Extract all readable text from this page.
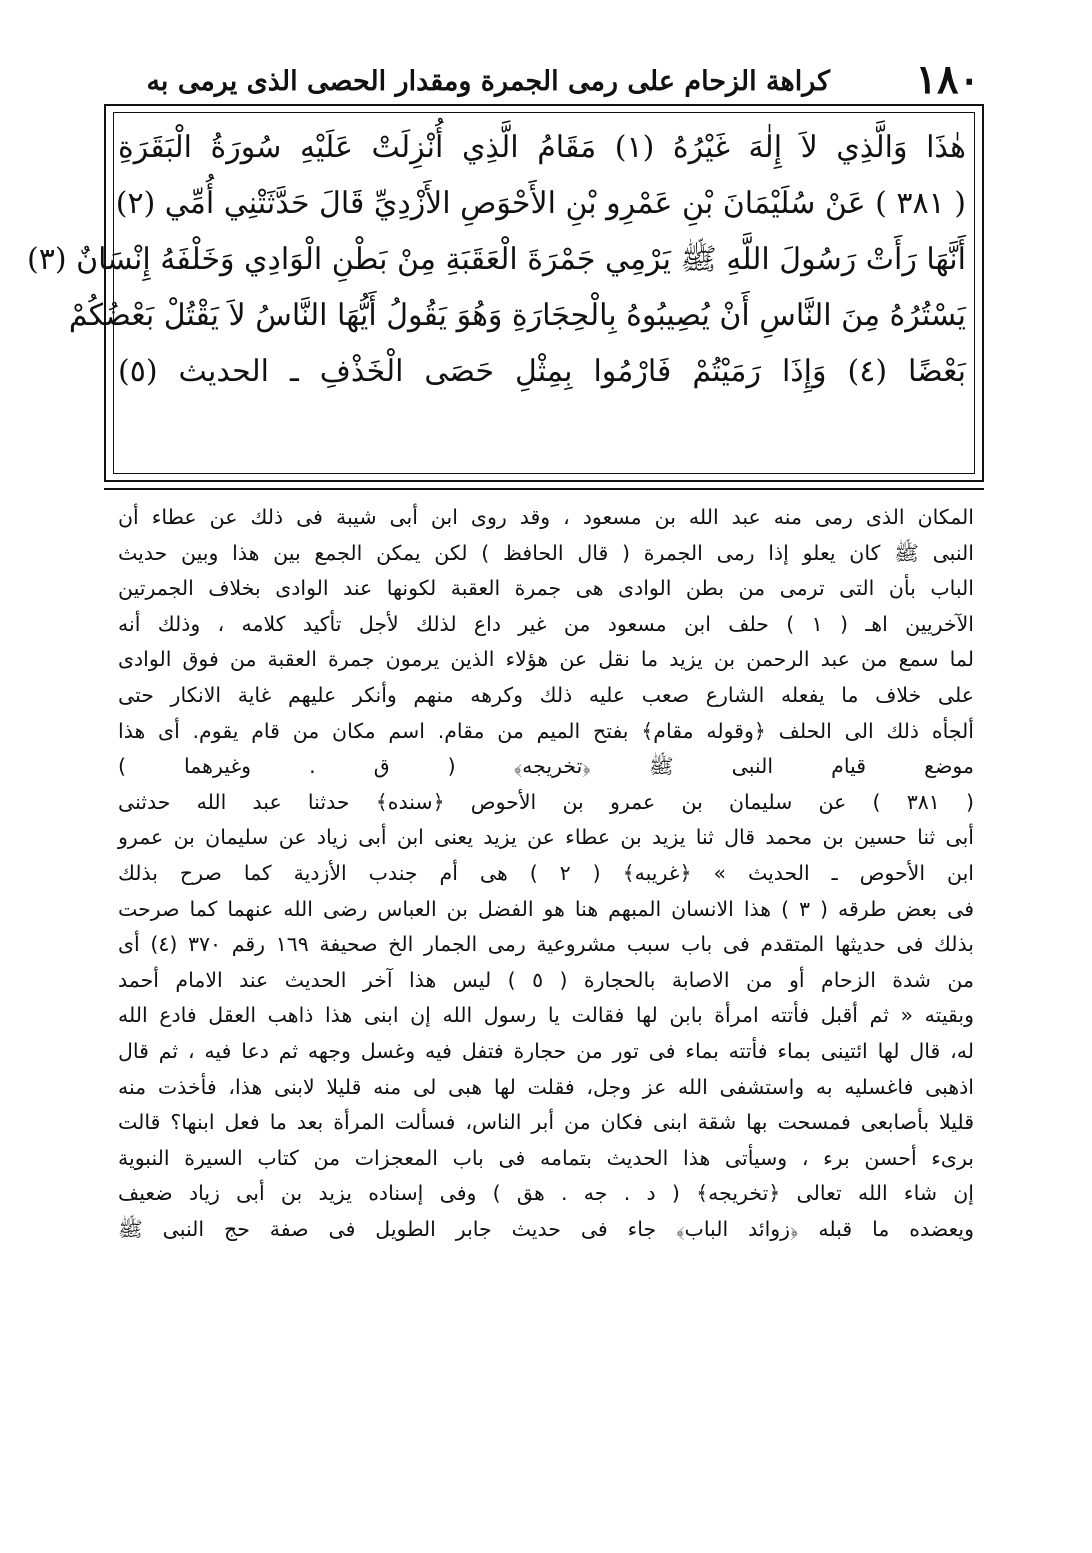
١٨٠
كراهة الزحام على رمى الجمرة ومقدار الحصى الذى يرمى به
هٰذَا وَالَّذِي لاَ إِلٰهَ غَيْرُهُ (١) مَقَامُ الَّذِي أُنْزِلَتْ عَلَيْهِ سُورَةُ الْبَقَرَةِ
( ٣٨١ ) عَنْ سُلَيْمَانَ بْنِ عَمْرِو بْنِ الأَحْوَصِ الأَزْدِيِّ قَالَ حَدَّثَتْنِي أُمِّي (٢)
أَنَّهَا رَأَتْ رَسُولَ اللَّهِ ﷺ يَرْمِي جَمْرَةَ الْعَقَبَةِ مِنْ بَطْنِ الْوَادِي وَخَلْفَهُ إِنْسَانٌ (٣)
يَسْتُرُهُ مِنَ النَّاسِ أَنْ يُصِيبُوهُ بِالْحِجَارَةِ وَهُوَ يَقُولُ أَيُّهَا النَّاسُ لاَ يَقْتُلْ بَعْضُكُمْ
بَعْضًا (٤) وَإِذَا رَمَيْتُمْ فَارْمُوا بِمِثْلِ حَصَى الْخَذْفِ ـ الحديث (٥)
المكان الذى رمى منه عبد الله بن مسعود ، وقد روى ابن أبى شيبة فى ذلك عن عطاء أن
النبى ﷺ كان يعلو إذا رمى الجمرة ( قال الحافظ ) لكن يمكن الجمع بين هذا وبين حديث
الباب بأن التى ترمى من بطن الوادى هى جمرة العقبة لكونها عند الوادى بخلاف الجمرتين
الآخريين اهـ ( ١ ) حلف ابن مسعود من غير داع لذلك لأجل تأكيد كلامه ، وذلك أنه
لما سمع من عبد الرحمن بن يزيد ما نقل عن هؤلاء الذين يرمون جمرة العقبة من فوق الوادى
على خلاف ما يفعله الشارع صعب عليه ذلك وكرهه منهم وأنكر عليهم غاية الانكار حتى
ألجأه ذلك الى الحلف ﴿وقوله مقام﴾ بفتح الميم من مقام. اسم مكان من قام يقوم. أى هذا
موضع قيام النبى ﷺ ﴿تخريجه﴾ ( ق . وغيرهما )
( ٣٨١ ) عن سليمان بن عمرو بن الأحوص ﴿سنده﴾ حدثنا عبد الله حدثنى
أبى ثنا حسين بن محمد قال ثنا يزيد بن عطاء عن يزيد يعنى ابن أبى زياد عن سليمان بن عمرو
ابن الأحوص ـ الحديث » ﴿غريبه﴾ ( ٢ ) هى أم جندب الأزدية كما صرح بذلك
فى بعض طرقه ( ٣ ) هذا الانسان المبهم هنا هو الفضل بن العباس رضى الله عنهما كما صرحت
بذلك فى حديثها المتقدم فى باب سبب مشروعية رمى الجمار الخ صحيفة ١٦٩ رقم ٣٧٠ (٤) أى
من شدة الزحام أو من الاصابة بالحجارة ( ٥ ) ليس هذا آخر الحديث عند الامام أحمد
وبقيته « ثم أقبل فأتته امرأة بابن لها فقالت يا رسول الله إن ابنى هذا ذاهب العقل فادع الله
له، قال لها ائتينى بماء فأتته بماء فى تور من حجارة فتفل فيه وغسل وجهه ثم دعا فيه ، ثم قال
اذهبى فاغسليه به واستشفى الله عز وجل، فقلت لها هبى لى منه قليلا لابنى هذا، فأخذت منه
قليلا بأصابعى فمسحت بها شقة ابنى فكان من أبر الناس، فسألت المرأة بعد ما فعل ابنها؟ قالت
برىء أحسن برء ، وسيأتى هذا الحديث بتمامه فى باب المعجزات من كتاب السيرة النبوية
إن شاء الله تعالى ﴿تخريجه﴾ ( د . جه . هق ) وفى إسناده يزيد بن أبى زياد ضعيف
ويعضده ما قبله ﴿زوائد الباب﴾ جاء فى حديث جابر الطويل فى صفة حج النبى ﷺ
